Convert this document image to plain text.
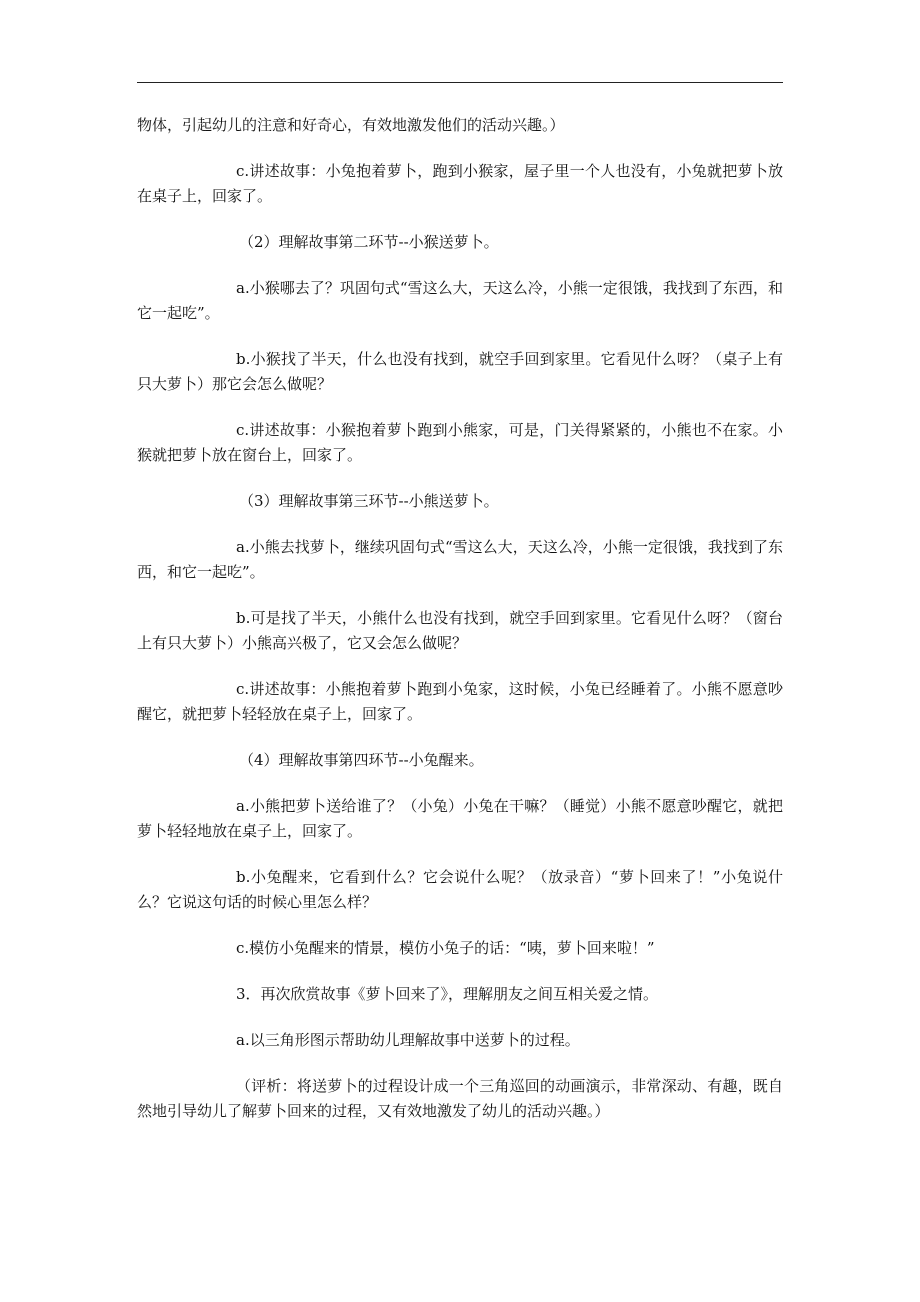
物体，引起幼儿的注意和好奇心，有效地激发他们的活动兴趣。）

c.讲述故事：小兔抱着萝卜，跑到小猴家，屋子里一个人也没有，小兔就把萝卜放在桌子上，回家了。

（2）理解故事第二环节--小猴送萝卜。

a.小猴哪去了？巩固句式“雪这么大，天这么冷，小熊一定很饿，我找到了东西，和它一起吃”。

b.小猴找了半天，什么也没有找到，就空手回到家里。它看见什么呀？（桌子上有只大萝卜）那它会怎么做呢？

c.讲述故事：小猴抱着萝卜跑到小熊家，可是，门关得紧紧的，小熊也不在家。小猴就把萝卜放在窗台上，回家了。

（3）理解故事第三环节--小熊送萝卜。

a.小熊去找萝卜，继续巩固句式“雪这么大，天这么冷，小熊一定很饿，我找到了东西，和它一起吃”。

b.可是找了半天，小熊什么也没有找到，就空手回到家里。它看见什么呀？（窗台上有只大萝卜）小熊高兴极了，它又会怎么做呢？

c.讲述故事：小熊抱着萝卜跑到小兔家，这时候，小兔已经睡着了。小熊不愿意吵醒它，就把萝卜轻轻放在桌子上，回家了。

（4）理解故事第四环节--小兔醒来。

a.小熊把萝卜送给谁了？（小兔）小兔在干嘛？（睡觉）小熊不愿意吵醒它，就把萝卜轻轻地放在桌子上，回家了。

b.小兔醒来，它看到什么？它会说什么呢？（放录音）“萝卜回来了！”小兔说什么？它说这句话的时候心里怎么样？

c.模仿小兔醒来的情景，模仿小兔子的话：“咦，萝卜回来啦！”

3．再次欣赏故事《萝卜回来了》，理解朋友之间互相关爱之情。

a.以三角形图示帮助幼儿理解故事中送萝卜的过程。

（评析：将送萝卜的过程设计成一个三角巡回的动画演示，非常深动、有趣，既自然地引导幼儿了解萝卜回来的过程，又有效地激发了幼儿的活动兴趣。）
